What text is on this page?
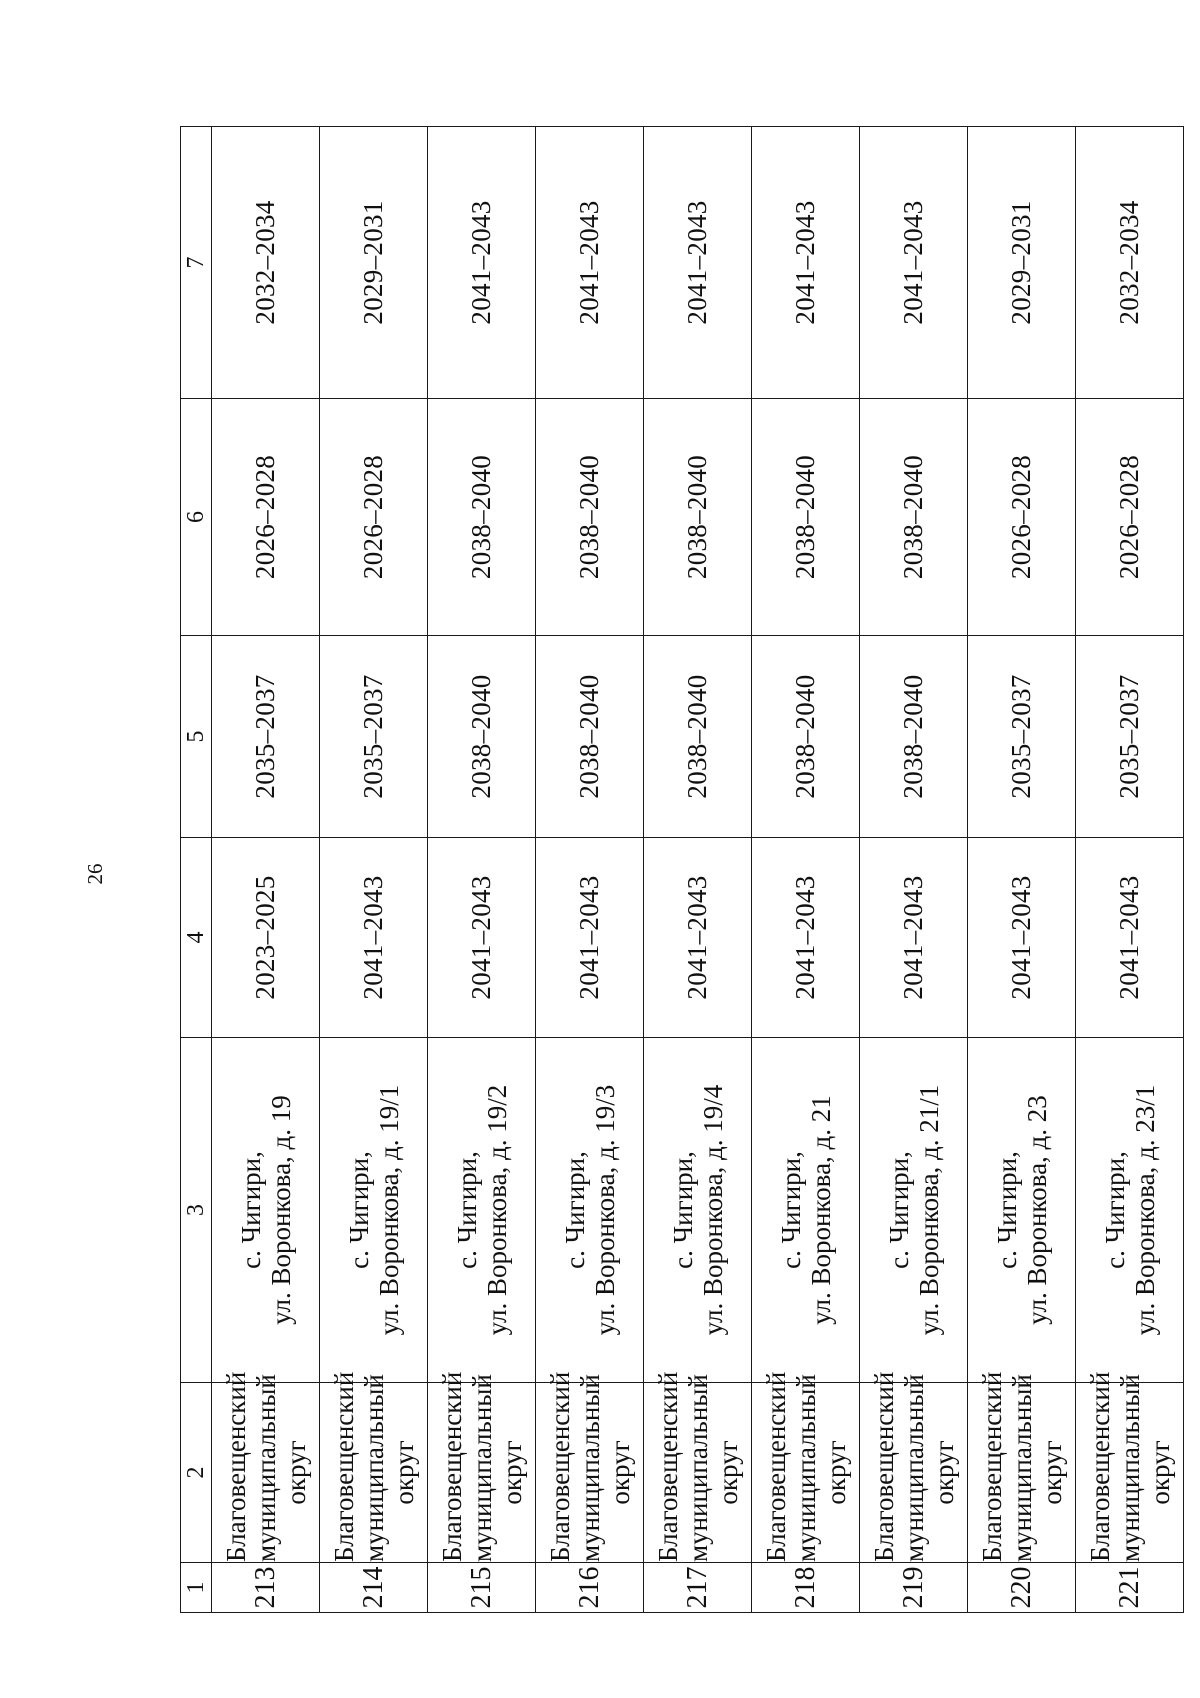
26
1	2	3	4	5	6	7
213	Благовещенский муниципальный округ	с. Чигири, ул. Воронкова, д. 19	2023–2025	2035–2037	2026–2028	2032–2034
214	Благовещенский муниципальный округ	с. Чигири, ул. Воронкова, д. 19/1	2041–2043	2035–2037	2026–2028	2029–2031
215	Благовещенский муниципальный округ	с. Чигири, ул. Воронкова, д. 19/2	2041–2043	2038–2040	2038–2040	2041–2043
216	Благовещенский муниципальный округ	с. Чигири, ул. Воронкова, д. 19/3	2041–2043	2038–2040	2038–2040	2041–2043
217	Благовещенский муниципальный округ	с. Чигири, ул. Воронкова, д. 19/4	2041–2043	2038–2040	2038–2040	2041–2043
218	Благовещенский муниципальный округ	с. Чигири, ул. Воронкова, д. 21	2041–2043	2038–2040	2038–2040	2041–2043
219	Благовещенский муниципальный округ	с. Чигири, ул. Воронкова, д. 21/1	2041–2043	2038–2040	2038–2040	2041–2043
220	Благовещенский муниципальный округ	с. Чигири, ул. Воронкова, д. 23	2041–2043	2035–2037	2026–2028	2029–2031
221	Благовещенский муниципальный округ	с. Чигири, ул. Воронкова, д. 23/1	2041–2043	2035–2037	2026–2028	2032–2034
